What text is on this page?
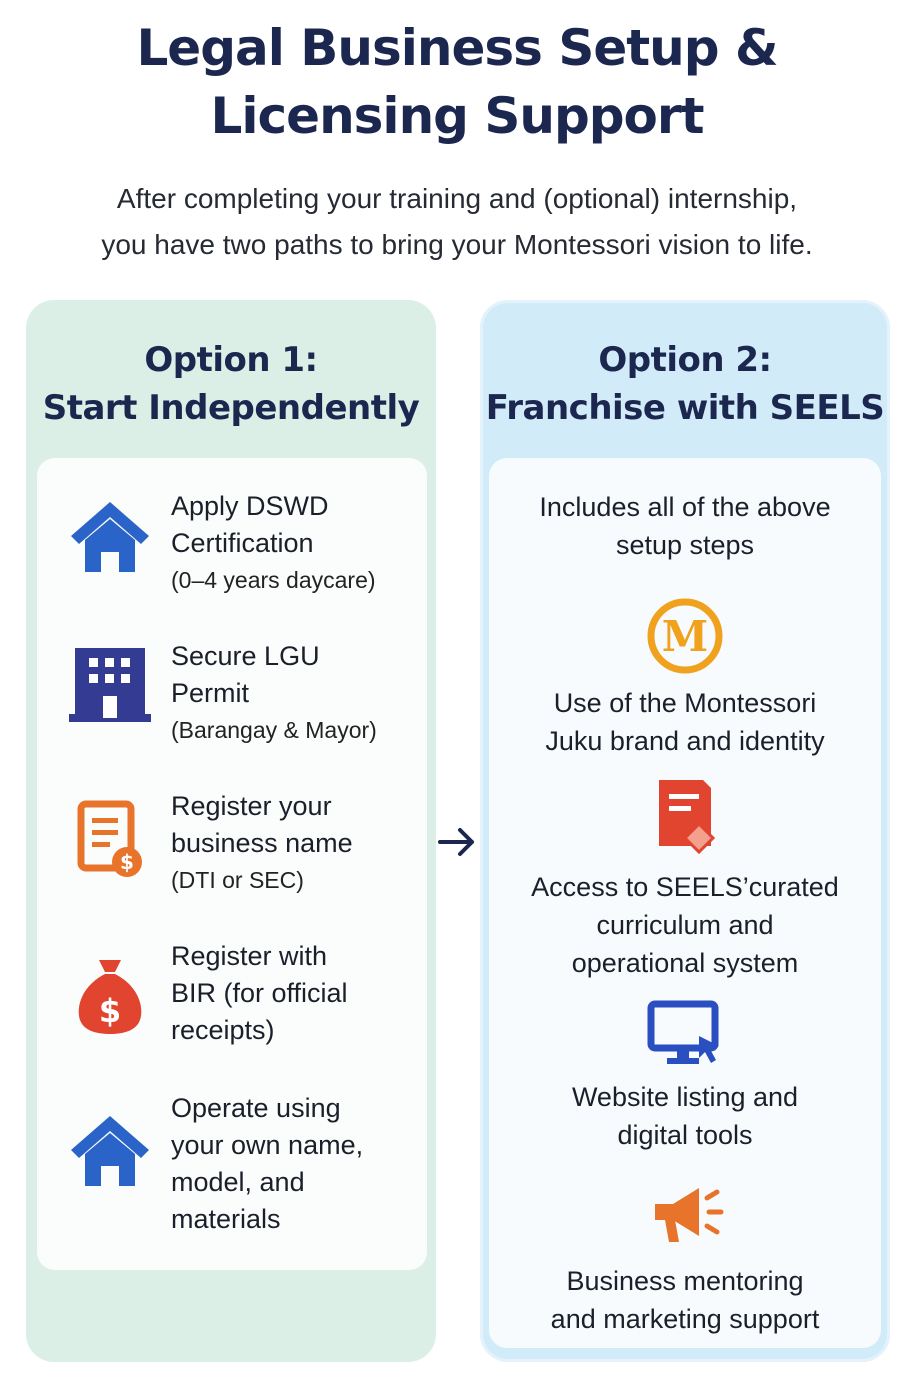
Legal Business Setup &
Licensing Support
After completing your training and (optional) internship,
you have two paths to bring your Montessori vision to life.
Option 1:
Start Independently
Apply DSWD
Certification
(0–4 years daycare)
Secure LGU
Permit
(Barangay & Mayor)
$
Register your
business name
(DTI or SEC)
$
Register with
BIR (for official
receipts)
Operate using
your own name,
model, and
materials
Option 2:
Franchise with SEELS
Includes all of the above
setup steps
M
Use of the Montessori
Juku brand and identity
Access to SEELS’curated
curriculum and
operational system
Website listing and
digital tools
Business mentoring
and marketing support
